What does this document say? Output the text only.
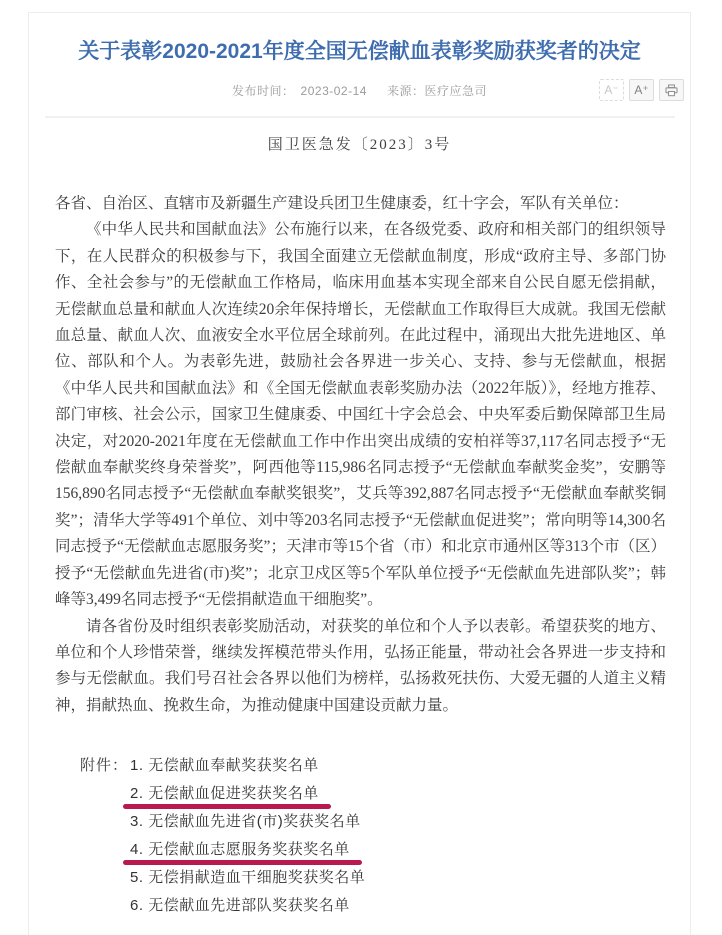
关于表彰2020-2021年度全国无偿献血表彰奖励获奖者的决定
发布时间： 2023-02-14 来源：医疗应急司	A⁻ A⁺
国卫医急发〔2023〕3号

各省、自治区、直辖市及新疆生产建设兵团卫生健康委，红十字会，军队有关单位：

《中华人民共和国献血法》公布施行以来，在各级党委、政府和相关部门的组织领导下，在人民群众的积极参与下，我国全面建立无偿献血制度，形成“政府主导、多部门协作、全社会参与”的无偿献血工作格局，临床用血基本实现全部来自公民自愿无偿捐献，无偿献血总量和献血人次连续20余年保持增长，无偿献血工作取得巨大成就。我国无偿献血总量、献血人次、血液安全水平位居全球前列。在此过程中，涌现出大批先进地区、单位、部队和个人。为表彰先进，鼓励社会各界进一步关心、支持、参与无偿献血，根据《中华人民共和国献血法》和《全国无偿献血表彰奖励办法（2022年版）》，经地方推荐、部门审核、社会公示，国家卫生健康委、中国红十字会总会、中央军委后勤保障部卫生局决定，对2020-2021年度在无偿献血工作中作出突出成绩的安柏祥等37,117名同志授予“无偿献血奉献奖终身荣誉奖”，阿西他等115,986名同志授予“无偿献血奉献奖金奖”，安鹏等156,890名同志授予“无偿献血奉献奖银奖”，艾兵等392,887名同志授予“无偿献血奉献奖铜奖”；清华大学等491个单位、刘中等203名同志授予“无偿献血促进奖”；常向明等14,300名同志授予“无偿献血志愿服务奖”；天津市等15个省（市）和北京市通州区等313个市（区）授予“无偿献血先进省(市)奖”；北京卫戍区等5个军队单位授予“无偿献血先进部队奖”；韩峰等3,499名同志授予“无偿捐献造血干细胞奖”。

请各省份及时组织表彰奖励活动，对获奖的单位和个人予以表彰。希望获奖的地方、单位和个人珍惜荣誉，继续发挥模范带头作用，弘扬正能量，带动社会各界进一步支持和参与无偿献血。我们号召社会各界以他们为榜样，弘扬救死扶伤、大爱无疆的人道主义精神，捐献热血、挽救生命，为推动健康中国建设贡献力量。

附件： 1. 无偿献血奉献奖获奖名单
2. 无偿献血促进奖获奖名单
3. 无偿献血先进省(市)奖获奖名单
4. 无偿献血志愿服务奖获奖名单
5. 无偿捐献造血干细胞奖获奖名单
6. 无偿献血先进部队奖获奖名单
